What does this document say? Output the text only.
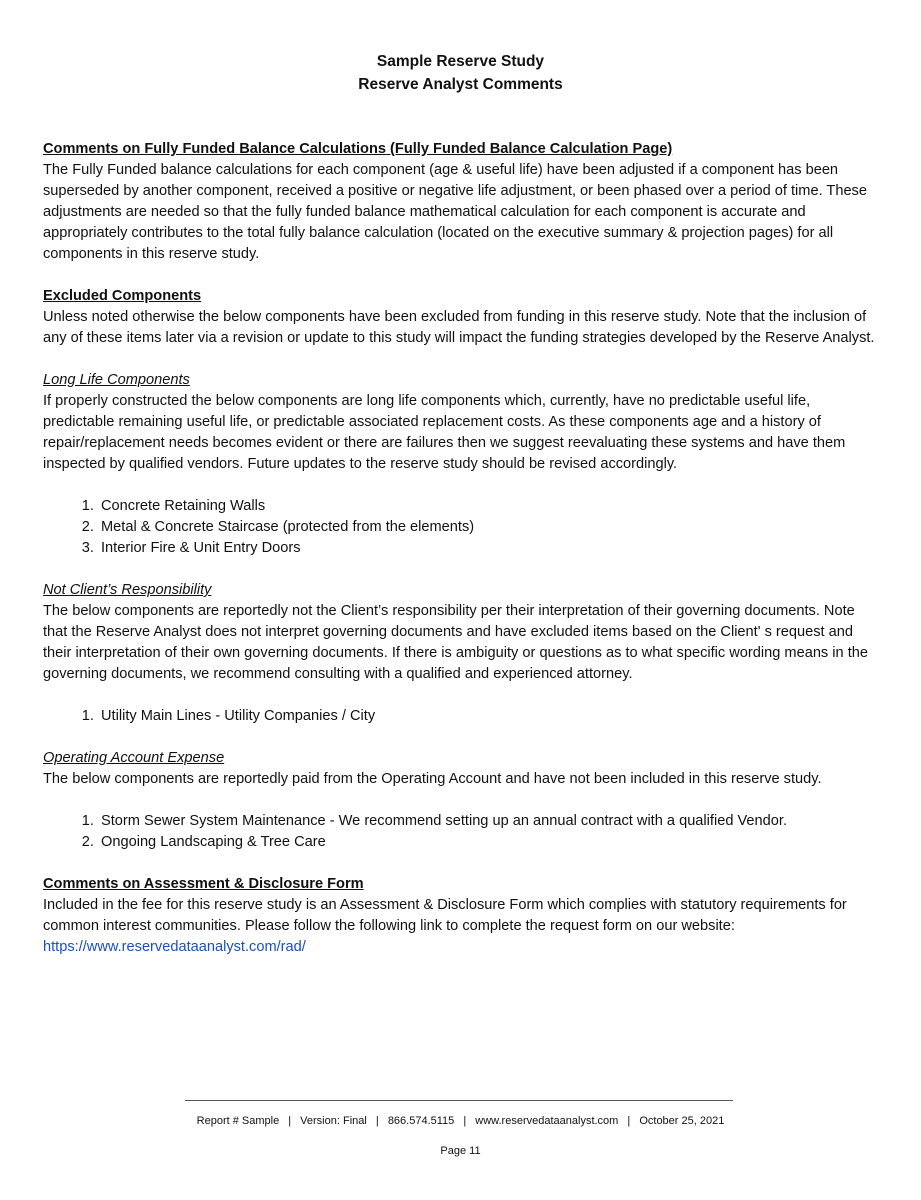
Sample Reserve Study
Reserve Analyst Comments

Comments on Fully Funded Balance Calculations (Fully Funded Balance Calculation Page)

The Fully Funded balance calculations for each component (age & useful life) have been adjusted if a component has been superseded by another component, received a positive or negative life adjustment, or been phased over a period of time. These adjustments are needed so that the fully funded balance mathematical calculation for each component is accurate and appropriately contributes to the total fully balance calculation (located on the executive summary & projection pages) for all components in this reserve study.

Excluded Components

Unless noted otherwise the below components have been excluded from funding in this reserve study. Note that the inclusion of any of these items later via a revision or update to this study will impact the funding strategies developed by the Reserve Analyst.

Long Life Components

If properly constructed the below components are long life components which, currently, have no predictable useful life, predictable remaining useful life, or predictable associated replacement costs. As these components age and a history of repair/replacement needs becomes evident or there are failures then we suggest reevaluating these systems and have them inspected by qualified vendors. Future updates to the reserve study should be revised accordingly.

1. Concrete Retaining Walls
2. Metal & Concrete Staircase (protected from the elements)
3. Interior Fire & Unit Entry Doors

Not Client’s Responsibility

The below components are reportedly not the Client’s responsibility per their interpretation of their governing documents. Note that the Reserve Analyst does not interpret governing documents and have excluded items based on the Client' s request and their interpretation of their own governing documents. If there is ambiguity or questions as to what specific wording means in the governing documents, we recommend consulting with a qualified and experienced attorney.

1. Utility Main Lines - Utility Companies / City

Operating Account Expense

The below components are reportedly paid from the Operating Account and have not been included in this reserve study.

1. Storm Sewer System Maintenance - We recommend setting up an annual contract with a qualified Vendor.
2. Ongoing Landscaping & Tree Care

Comments on Assessment & Disclosure Form

Included in the fee for this reserve study is an Assessment & Disclosure Form which complies with statutory requirements for common interest communities. Please follow the following link to complete the request form on our website: https://www.reservedataanalyst.com/rad/

Report # Sample | Version: Final | 866.574.5115 | www.reservedataanalyst.com | October 25, 2021
Page 11
